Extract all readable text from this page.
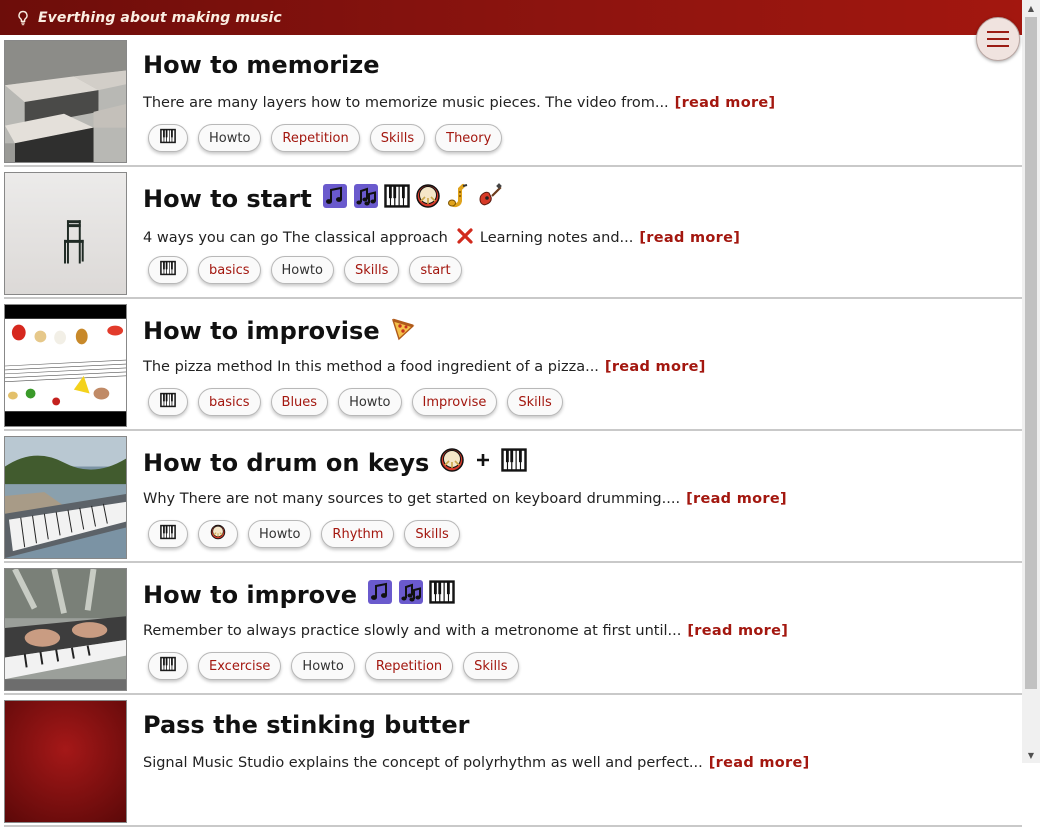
Everthing about making music
▲
▼
How to memorize
There are many layers how to memorize music pieces. The video from... [read more]
Howto	Repetition	Skills	Theory
How to start
4 ways you can go The classical approach Learning notes and... [read more]
basics	Howto	Skills	start
How to improvise
The pizza method In this method a food ingredient of a pizza... [read more]
basics	Blues	Howto	Improvise	Skills
How to drum on keys
Why There are not many sources to get started on keyboard drumming.... [read more]
Howto	Rhythm	Skills
How to improve
Remember to always practice slowly and with a metronome at first until... [read more]
Excercise	Howto	Repetition	Skills
Pass the stinking butter
Signal Music Studio explains the concept of polyrhythm as well and perfect... [read more]
